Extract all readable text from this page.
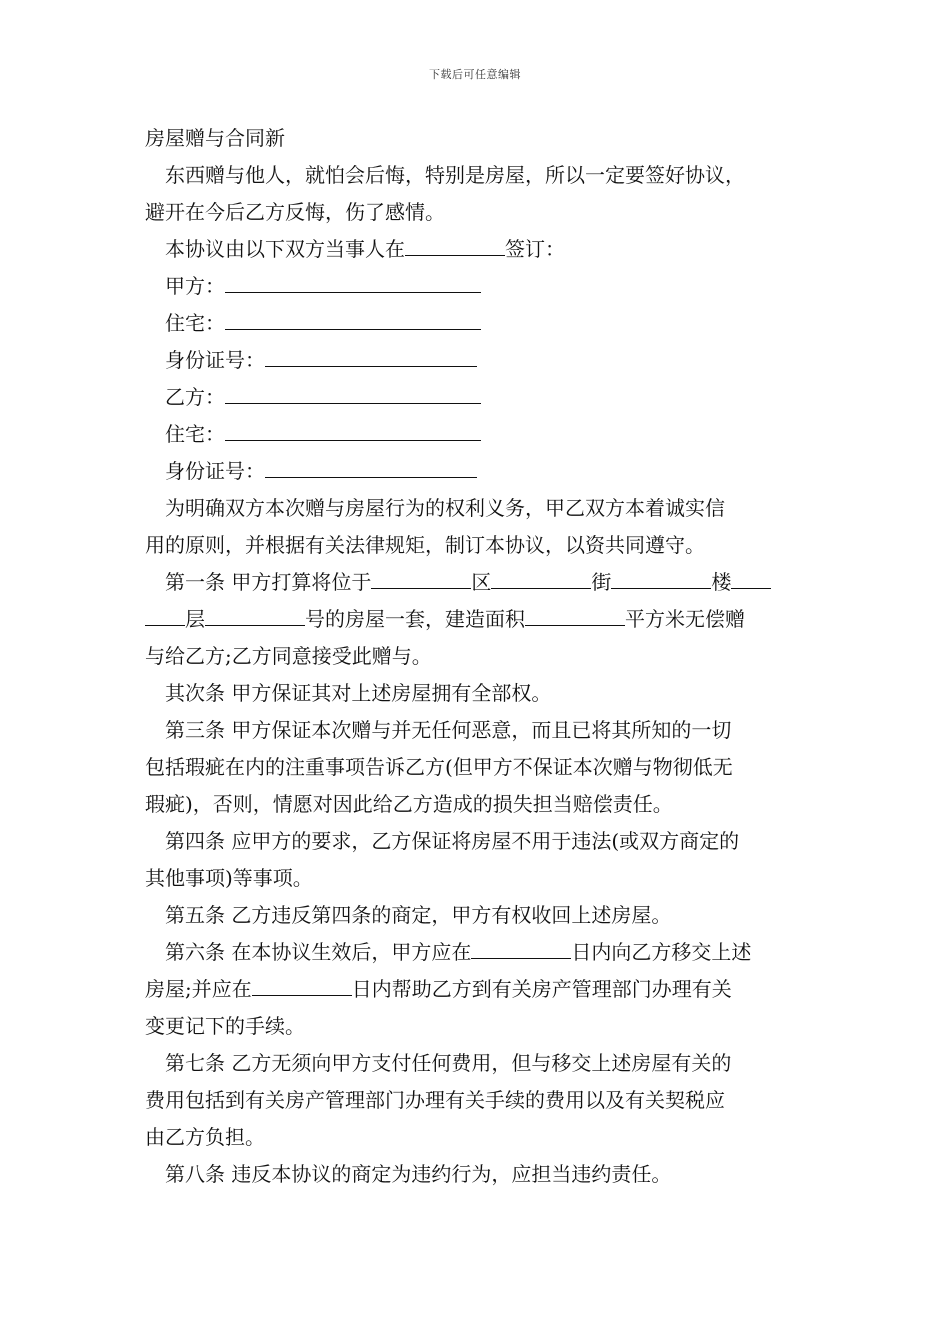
下载后可任意编辑
房屋赠与合同新
东西赠与他人，就怕会后悔，特别是房屋，所以一定要签好协议，
避开在今后乙方反悔，伤了感情。
本协议由以下双方当事人在	签订：
甲方：
住宅：
身份证号：
乙方：
住宅：
身份证号：
为明确双方本次赠与房屋行为的权利义务，甲乙双方本着诚实信
用的原则，并根据有关法律规矩，制订本协议，以资共同遵守。
第一条 甲方打算将位于	区	街	楼
层	号的房屋一套，建造面积	平方米无偿赠
与给乙方;乙方同意接受此赠与。
其次条 甲方保证其对上述房屋拥有全部权。
第三条 甲方保证本次赠与并无任何恶意，而且已将其所知的一切
包括瑕疵在内的注重事项告诉乙方(但甲方不保证本次赠与物彻低无
瑕疵)，否则，情愿对因此给乙方造成的损失担当赔偿责任。
第四条 应甲方的要求，乙方保证将房屋不用于违法(或双方商定的
其他事项)等事项。
第五条 乙方违反第四条的商定，甲方有权收回上述房屋。
第六条 在本协议生效后，甲方应在	日内向乙方移交上述
房屋;并应在	日内帮助乙方到有关房产管理部门办理有关
变更记下的手续。
第七条 乙方无须向甲方支付任何费用，但与移交上述房屋有关的
费用包括到有关房产管理部门办理有关手续的费用以及有关契税应
由乙方负担。
第八条 违反本协议的商定为违约行为，应担当违约责任。
